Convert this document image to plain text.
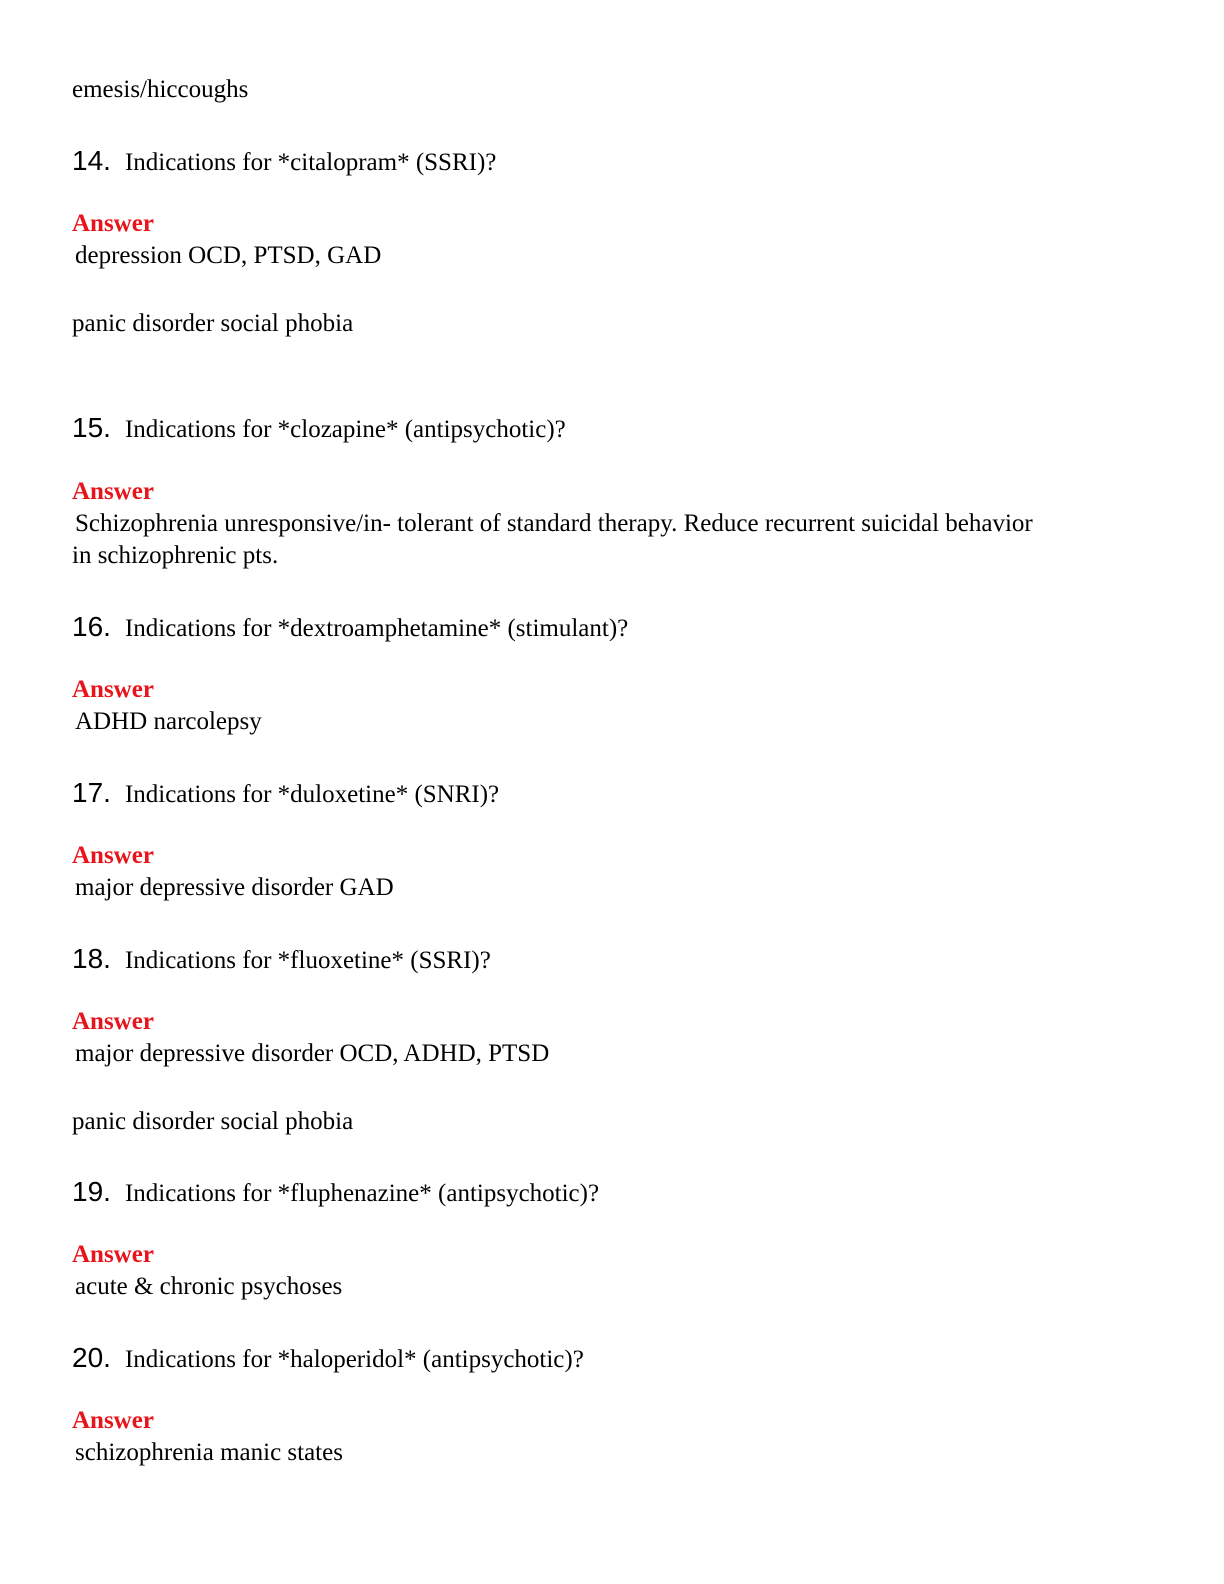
emesis/hiccoughs
14. Indications for *citalopram* (SSRI)?
Answer
depression OCD, PTSD, GAD
panic disorder social phobia
15. Indications for *clozapine* (antipsychotic)?
Answer
Schizophrenia unresponsive/in- tolerant of standard therapy. Reduce recurrent suicidal behavior
in schizophrenic pts.
16. Indications for *dextroamphetamine* (stimulant)?
Answer
ADHD narcolepsy
17. Indications for *duloxetine* (SNRI)?
Answer
major depressive disorder GAD
18. Indications for *fluoxetine* (SSRI)?
Answer
major depressive disorder OCD, ADHD, PTSD
panic disorder social phobia
19. Indications for *fluphenazine* (antipsychotic)?
Answer
acute & chronic psychoses
20. Indications for *haloperidol* (antipsychotic)?
Answer
schizophrenia manic states
